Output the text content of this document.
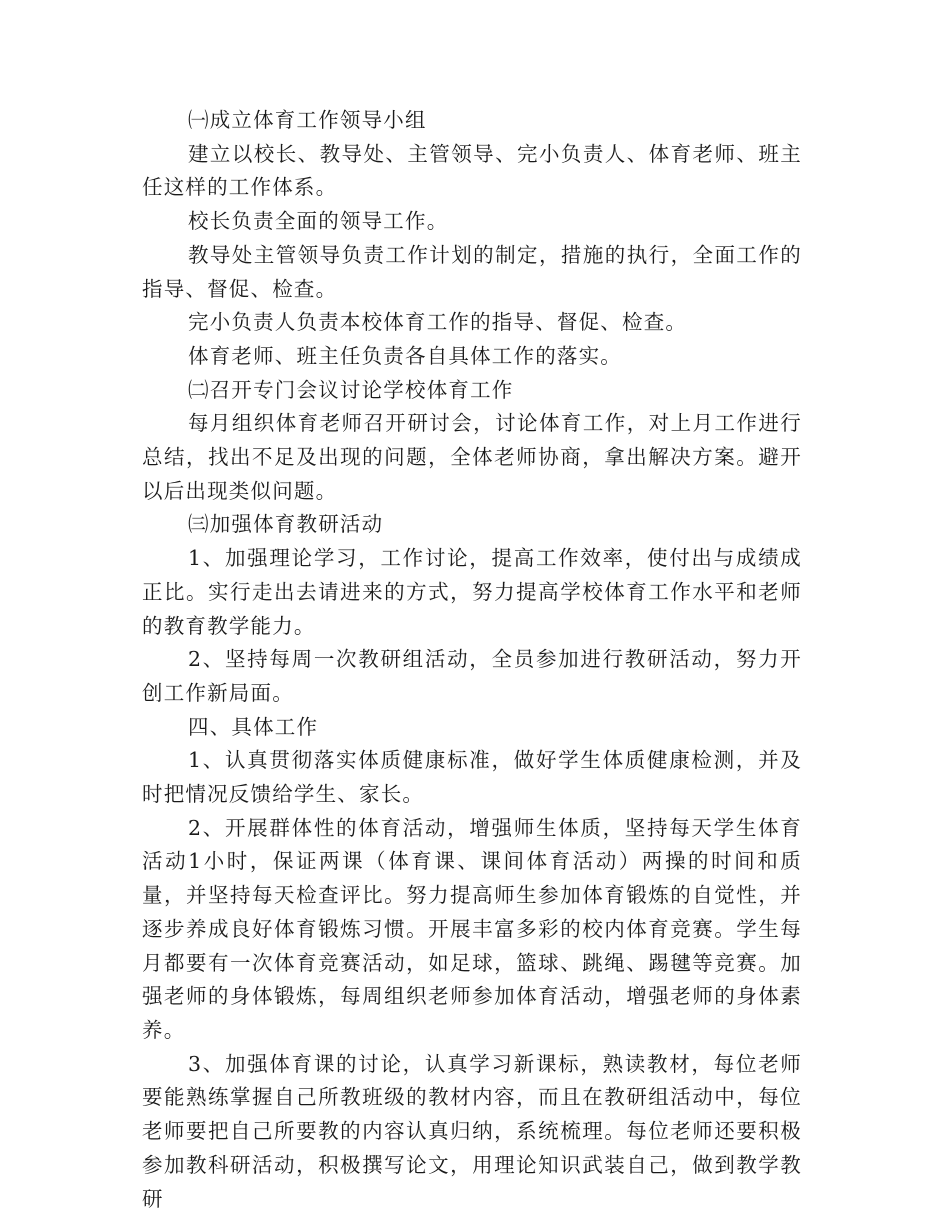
㈠成立体育工作领导小组

建立以校长、教导处、主管领导、完小负责人、体育老师、班主任这样的工作体系。

校长负责全面的领导工作。

教导处主管领导负责工作计划的制定，措施的执行，全面工作的指导、督促、检查。

完小负责人负责本校体育工作的指导、督促、检查。

体育老师、班主任负责各自具体工作的落实。

㈡召开专门会议讨论学校体育工作

每月组织体育老师召开研讨会，讨论体育工作，对上月工作进行总结，找出不足及出现的问题，全体老师协商，拿出解决方案。避开以后出现类似问题。

㈢加强体育教研活动

1、加强理论学习，工作讨论，提高工作效率，使付出与成绩成正比。实行走出去请进来的方式，努力提高学校体育工作水平和老师的教育教学能力。

2、坚持每周一次教研组活动，全员参加进行教研活动，努力开创工作新局面。

四、具体工作

1、认真贯彻落实体质健康标准，做好学生体质健康检测，并及时把情况反馈给学生、家长。

2、开展群体性的体育活动，增强师生体质，坚持每天学生体育活动1小时，保证两课（体育课、课间体育活动）两操的时间和质量，并坚持每天检查评比。努力提高师生参加体育锻炼的自觉性，并逐步养成良好体育锻炼习惯。开展丰富多彩的校内体育竞赛。学生每月都要有一次体育竞赛活动，如足球，篮球、跳绳、踢毽等竞赛。加强老师的身体锻炼，每周组织老师参加体育活动，增强老师的身体素养。

3、加强体育课的讨论，认真学习新课标，熟读教材，每位老师要能熟练掌握自己所教班级的教材内容，而且在教研组活动中，每位老师要把自己所要教的内容认真归纳，系统梳理。每位老师还要积极参加教科研活动，积极撰写论文，用理论知识武装自己，做到教学教研
